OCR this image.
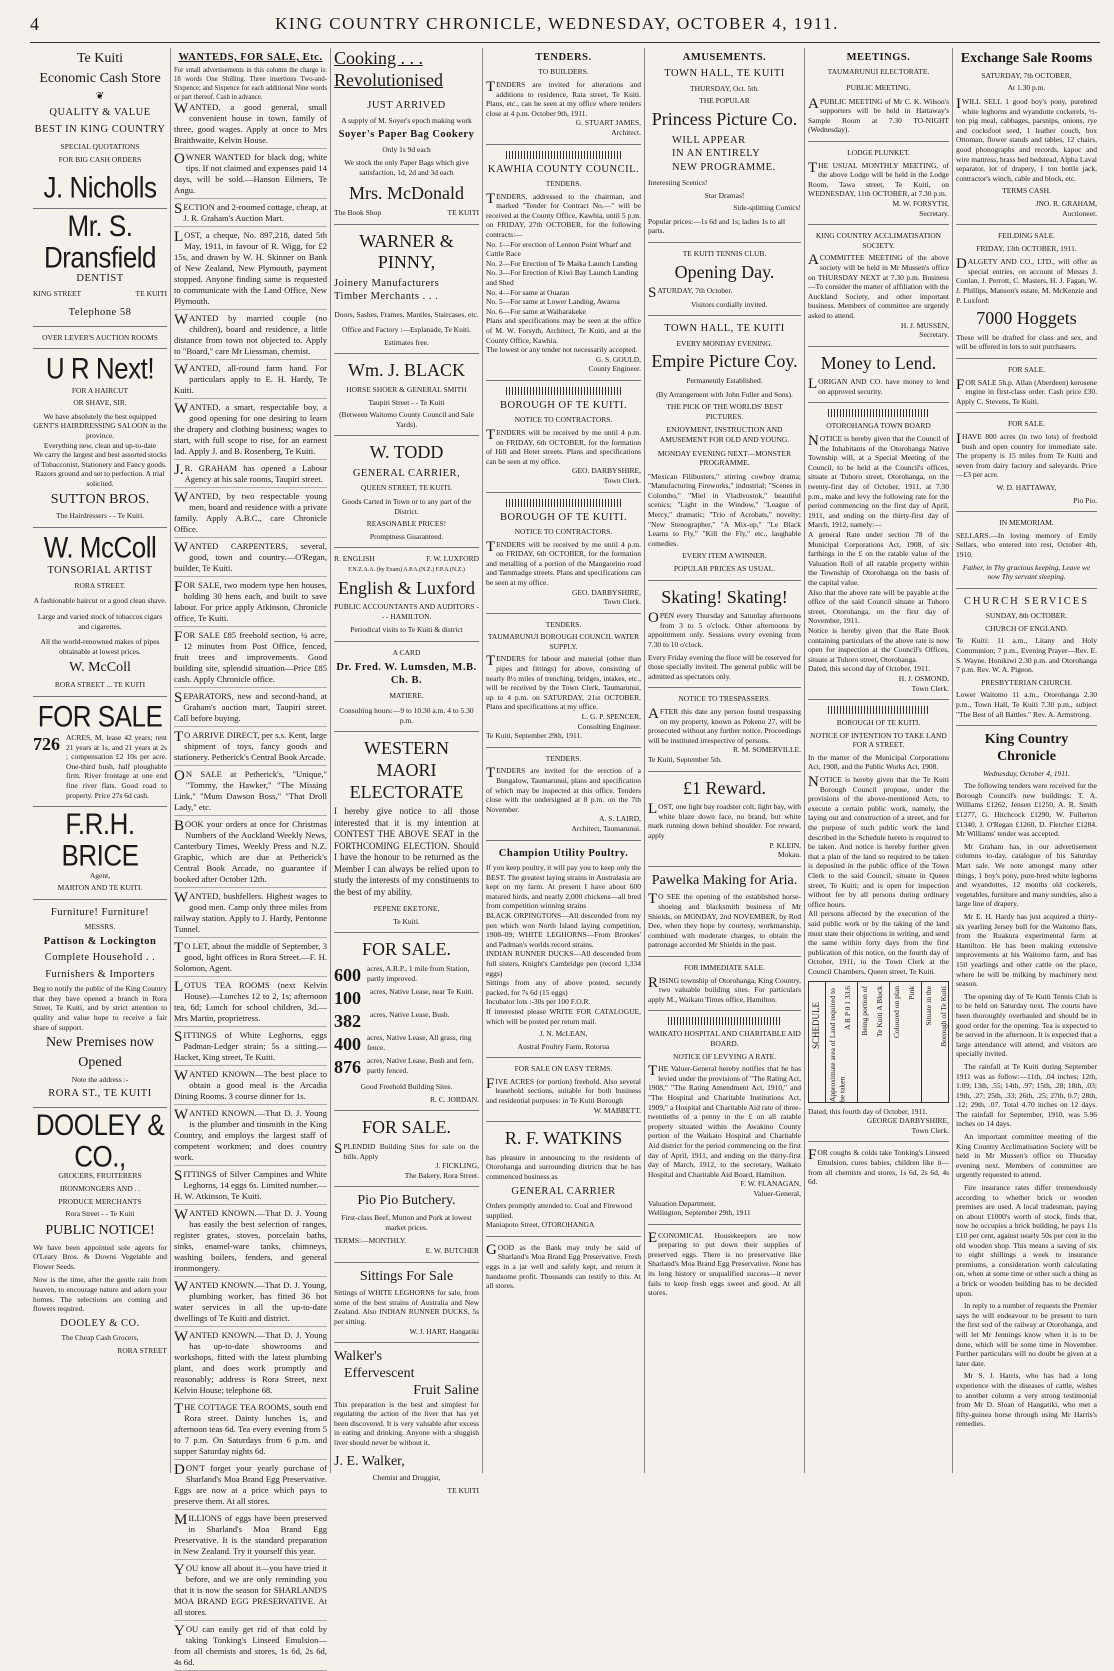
4	KING COUNTRY CHRONICLE, WEDNESDAY, OCTOBER 4, 1911.
Te Kuiti
Economic Cash Store
❦
QUALITY & VALUE
BEST IN KING COUNTRY
SPECIAL QUOTATIONS
FOR BIG CASH ORDERS
J. Nicholls
Mr. S. Dransfield
DENTIST
KING STREET	TE KUITI
Telephone 58
OVER LEVER'S AUCTION ROOMS
U R Next!
FOR A HAIRCUT
OR SHAVE, SIR.
We have absolutely the best equipped
GENT'S HAIRDRESSING SALOON in the province.
Everything new, clean and up-to-date
We carry the largest and best assorted stocks of Tobacconist, Stationery and Fancy goods.
Razors ground and set to perfection. A trial solicited.
SUTTON BROS.
The Hairdressers - - Te Kuiti.
W. McColl
TONSORIAL ARTIST
RORA STREET.
A fashionable haircut or a good clean shave.
Large and varied stock of tobaccos cigars and cigarettes.
All the world-renowned makes of pipes obtainable at lowest prices.
W. McColl
RORA STREET ... TE KUITI
FOR SALE
726 ACRES, M. lease 42 years; rent 21 years at 1s, and 21 years at 2s ; compensation £2 10s per acre. One-third bush, half ploughable firm. River frontage at one end fine river flats. Good road to property. Price 27s 6d cash.
F.R.H. BRICE
Agent,
MARTON AND TE KUITI.
Furniture! Furniture!
MESSRS.
Pattison & Lockington
Complete Household . .
Furnishers & Importers
Beg to notify the public of the King Country that they have opened a branch in Rora Street, Te Kuiti, and by strict attention to quality and value hope to receive a fair share of support.
New Premises now
Opened
Note the address :-
RORA ST., TE KUITI
DOOLEY & CO.,
GROCERS, FRUITERERS
IRONMONGERS AND . .
PRODUCE MERCHANTS
Rora Street - - Te Kuiti
PUBLIC NOTICE!
We have been appointed sole agents for O'Leary Bros. & Downs Vegetable and Flower Seeds.
Now is the time, after the gentle rain from heaven, to encourage nature and adorn your homes. The selections are coming and flowers required.
DOOLEY & CO.
The Cheap Cash Grocers,
RORA STREET
WANTEDS, FOR SALE, Etc.
For small advertisements in this column the charge is: 18 words One Shilling. Three insertions Two-and-Sixpence; and Sixpence for each additional Nine words or part thereof. Cash in advance.
WANTED, a good general, small convenient house in town, family of three, good wages. Apply at once to Mrs Braithwaite, Kelvin House.
OWNER WANTED for black dog, white tips. If not claimed and expenses paid 14 days, will be sold.—Hanson Eilmers, Te Angu.
SECTION and 2-roomed cottage, cheap, at J. R. Graham's Auction Mart.
LOST, a cheque, No. 897,218, dated 5th May, 1911, in favour of R. Wigg, for £2 15s, and drawn by W. H. Skinner on Bank of New Zealand, New Plymouth, payment stopped. Anyone finding same is requested to communicate with the Land Office, New Plymouth.
WANTED by married couple (no children), board and residence, a little distance from town not objected to. Apply to "Board," care Mr Liessman, chemist.
WANTED, all-round farm hand. For particulars apply to E. H. Hardy, Te Kuiti.
WANTED, a smart, respectable boy, a good opening for one desiring to learn the drapery and clothing business; wages to start, with full scope to rise, for an earnest lad. Apply J. and B. Rosenberg, Te Kuiti.
J.R. GRAHAM has opened a Labour Agency at his sale rooms, Taupiri street.
WANTED, by two respectable young men, board and residence with a private family. Apply A.B.C., care Chronicle Office.
WANTED CARPENTERS, several, good, town and country.—O'Regan, builder, Te Kuiti.
FOR SALE, two modern type hen houses, holding 30 hens each, and built to save labour. For price apply Atkinson, Chronicle office, Te Kuiti.
FOR SALE £85 freehold section, ¼ acre, 12 minutes from Post Office, fenced, fruit trees and improvements. Good building site, splendid situation—Price £85 cash. Apply Chronicle office.
SEPARATORS, new and second-hand, at Graham's auction mart, Taupiri street. Call before buying.
TO ARRIVE DIRECT, per s.s. Kent, large shipment of toys, fancy goods and stationery. Petherick's Central Book Arcade.
ON SALE at Petherick's, "Unique," "Tommy, the Hawker," "The Missing Link," "Mum Dawson Boss," "That Droll Lady," etc.
BOOK your orders at once for Christmas Numbers of the Auckland Weekly News, Canterbury Times, Weekly Press and N.Z. Graphic, which are due at Petherick's Central Book Arcade, no guarantee if booked after October 12th.
WANTED, bushfellers. Highest wages to good men. Camp only three miles from railway station. Apply to J. Hardy, Pentonne Tunnel.
TO LET, about the middle of September, 3 good, light offices in Rora Street.—F. H. Solomon, Agent.
LOTUS TEA ROOMS (next Kelvin House).—Lunches 12 to 2, 1s; afternoon tea, 6d; Lunch for school children, 3d.—Mrs Martin, proprietress.
SITTINGS of White Leghorns, eggs Padman-Ledger strain; 5s a sitting.—Hacket, King street, Te Kuiti.
WANTED KNOWN—The best place to obtain a good meal is the Arcadia Dining Rooms. 3 course dinner for 1s.
WANTED KNOWN.—That D. J. Young is the plumber and tinsmith in the King Country, and employs the largest staff of competent workmen; and does country work.
SITTINGS of Silver Campines and White Leghorns, 14 eggs 6s. Limited number.—H. W. Atkinson, Te Kuiti.
WANTED KNOWN.—That D. J. Young has easily the best selection of ranges, register grates, stoves, porcelain baths, sinks, enamel-ware tanks, chimneys, washing boilers, fenders, and general ironmongery.
WANTED KNOWN.—That D. J. Young, plumbing worker, has fitted 36 hot water services in all the up-to-date dwellings of Te Kuiti and district.
WANTED KNOWN.—That D. J. Young has up-to-date showrooms and workshops, fitted with the latest plumbing plant, and does work promptly and reasonably; address is Rora Street, next Kelvin House; telephone 68.
THE COTTAGE TEA ROOMS, south end Rora street. Dainty lunches 1s, and afternoon teas 6d. Tea every evening from 5 to 7 p.m. On Saturdays from 6 p.m. and supper Saturday nights 6d.
DON'T forget your yearly purchase of Sharland's Moa Brand Egg Preservative. Eggs are now at a price which pays to preserve them. At all stores.
MILLIONS of eggs have been preserved in Sharland's Moa Brand Egg Preservative. It is the standard preparation in New Zealand. Try it yourself this year.
YOU know all about it—you have tried it before, and we are only reminding you that it is now the season for SHARLAND'S MOA BRAND EGG PRESERVATIVE. At all stores.
YOU can easily get rid of that cold by taking Tonking's Linseed Emulsion—from all chemists and stores, 1s 6d, 2s 6d, 4s 6d.
Cooking . . .
Revolutionised
JUST ARRIVED
A supply of M. Soyer's epoch making work
Soyer's Paper Bag Cookery
Only 1s 9d each
We stock the only Paper Bags which give satisfaction, 1d, 2d and 3d each
Mrs. McDonald
The Book Shop	TE KUITI
WARNER & PINNY,
Joinery Manufacturers
Timber Merchants . . .
Doors, Sashes, Frames, Mantles, Staircases, etc.
Office and Factory :—Esplanade, Te Kuiti.
Estimates free.
Wm. J. BLACK
HORSE SHOER & GENERAL SMITH
Taupiri Street - - Te Kuiti
(Between Waitomo County Council and Sale Yards).
W. TODD
GENERAL CARRIER,
QUEEN STREET, TE KUITI.
Goods Carted in Town or to any part of the District.
REASONABLE PRICES!
Promptness Guaranteed.
R. ENGLISH	F. W. LUXFORD
F.N.Z.A.A. (by Exam) A.P.A.(N.Z.) F.P.A.(N.Z.)
English & Luxford
PUBLIC ACCOUNTANTS AND AUDITORS - - - HAMILTON.
Periodical visits to Te Kuiti & district
A CARD
Dr. Fred. W. Lumsden, M.B. Ch. B.
MATIERE.
Consulting hours:—9 to 10.30 a.m. 4 to 5.30 p.m.
WESTERN MAORI ELECTORATE
I hereby give notice to all those interested that it is my intention at CONTEST THE ABOVE SEAT in the FORTHCOMING ELECTION. Should I have the honour to be returned as the Member I can always be relied upon to study the interests of my constituents to the best of my ability.
PEPENE EKETONE,
Te Kuiti.
FOR SALE.
600 acres, A.R.P., 1 mile from Station, partly improved.
100	acres, Native Lease, near Te Kuiti.
382	acres, Native Lease, Bush.
400 acres, Native Lease, All grass, ring fence.
876 acres, Native Lease, Bush and fern, partly fenced.
Good Freehold Building Sites.
R. C. JORDAN.
FOR SALE.
SPLENDID Building Sites for sale on the hills. Apply
J. FICKLING,
The Bakery, Rora Street.
Pio Pio Butchery.
First-class Beef, Mutton and Pork at lowest market prices.
TERMS:—MONTHLY.
E. W. BUTCHER
Sittings For Sale
Sittings of WHITE LEGHORNS for sale, from some of the best strains of Australia and New Zealand. Also INDIAN RUNNER DUCKS, 5s per sitting.
W. J. HART, Hangatiki
Walker's
Effervescent
Fruit Saline
This preparation is the best and simplest for regulating the action of the liver that has yet been discovered. It is very valuable after excess in eating and drinking. Anyone with a sluggish liver should never be without it.
J. E. Walker,
Chemist and Druggist,
TE KUITI
TENDERS.
TO BUILDERS.
TENDERS are invited for alterations and additions to residence, Rata street, Te Kuiti. Plans, etc., can be seen at my office where tenders close at 4 p.m. October 9th, 1911.
G. STUART JAMES,
Architect.
KAWHIA COUNTY COUNCIL.
TENDERS.
TENDERS, addressed to the chairman, and marked "Tender for Contract No.—" will be received at the County Office, Kawhia, until 5 p.m. on FRIDAY, 27th OCTOBER, for the following contracts:—
No. 1—For erection of Lennon Point Wharf and Cattle Race
No. 2—For Erection of Te Maika Launch Landing
No. 3—For Erection of Kiwi Bay Launch Landing and Shed
No. 4—For same at Ouarau
No. 5—For same at Lower Landing, Awaroa
No. 6—For same at Waiharakeke
Plans and specifications may be seen at the office of M. W. Forsyth, Architect, Te Kuiti, and at the County Office, Kawhia.
The lowest or any tender not necessarily accepted.
G. S. GOULD,
County Engineer.
BOROUGH OF TE KUITI.
NOTICE TO CONTRACTORS.
TENDERS will be received by me until 4 p.m. on FRIDAY, 6th OCTOBER, for the formation of Hill and Hetet streets. Plans and specifications can be seen at my office.
GEO. DARBYSHIRE,
Town Clerk.
BOROUGH OF TE KUITI.
NOTICE TO CONTRACTORS.
TENDERS will be received by me until 4 p.m. on FRIDAY, 6th OCTOBER, for the formation and metalling of a portion of the Mangaorino road and Tammadge streets. Plans and specifications can be seen at my office.
GEO. DARBYSHIRE,
Town Clerk.
TENDERS.
TAUMARUNUI BOROUGH COUNCIL WATER SUPPLY.
TENDERS for labour and material (other than pipes and fittings) for above, consisting of nearly 8½ miles of trenching, bridges, intakes, etc., will be received by the Town Clerk, Taumarunui, up to 4 p.m. on SATURDAY, 21st OCTOBER. Plans and specifications at my office.
L. G. P. SPENCER,
Consulting Engineer.
Te Kuiti, September 29th, 1911.
TENDERS.
TENDERS are invited for the erection of a Bungalow, Taumarunui, plans and specification of which may be inspected at this office. Tenders close with the undersigned at 8 p.m. on the 7th November.
A. S. LAIRD,
Architect, Taumarunui.
Champion Utility Poultry.
If you keep poultry, it will pay you to keep only the BEST. The greatest laying strains in Australasia are kept on my farm. At present I have about 600 matured birds, and nearly 2,000 chickens—all bred from competition winning strains
BLACK ORPINGTONS—All descended from my pen which won North Island laying competition, 1908–09; WHITE LEGHORNS—From Brookes' and Padman's worlds record strains.
INDIAN RUNNER DUCKS—All descended from full sisters, Knight's Cambridge pen (record 1,334 eggs)
Sittings from any of above posted, securely packed, for 7s 6d (15 eggs)
Incubator lots :-30s per 100 F.O.R.
If interested please WRITE FOR CATALOGUE, which will be posted per return mail.
J. N. McLEAN,
Austral Poultry Farm, Rotorua
FOR SALE ON EASY TERMS.
FIVE ACRES (or portion) freehold. Also several leasehold sections, suitable for both business and residential purposes: in Te Kuiti Borough
W. MABBETT.
R. F. WATKINS
has pleasure in announcing to the residents of Otorohanga and surrounding districts that he has commenced business as
GENERAL CARRIER
Orders promptly attended to. Coal and Firewood supplied.
Maniapoto Street, OTOROHANGA
GOOD as the Bank may truly be said of Sharland's Moa Brand Egg Preservative. Fresh eggs in a jar well and safely kept, and return it handsome profit. Thousands can testify to this. At all stores.
AMUSEMENTS.
TOWN HALL, TE KUITI
THURSDAY, Oct. 5th.
THE POPULAR
Princess Picture Co.
WILL APPEAR
IN AN ENTIRELY
NEW PROGRAMME.
Interesting Scenics!
Star Dramas!
Side-splitting Comics!
Popular prices:—1s 6d and 1s; ladies 1s to all parts.
TE KUITI TENNIS CLUB.
Opening Day.
SATURDAY, 7th October.
Visitors cordially invited.
TOWN HALL, TE KUITI
EVERY MONDAY EVENING.
Empire Picture Coy.
Permanently Established.
(By Arrangement with John Fuller and Sons).
THE PICK OF THE WORLDS' BEST PICTURES.
ENJOYMENT, INSTRUCTION AND AMUSEMENT FOR OLD AND YOUNG.
MONDAY EVENING NEXT—MONSTER PROGRAMME.
"Mexican Filibusters," stirring cowboy drama; "Manufacturing Fireworks," industrial; "Scenes in Colombo," "Miel in Vladivostok," beautiful scenics; "Light in the Window," "League of Mercy," dramatic; "Trio of Acrobats," novelty; "New Stenographer," "A Mix-up," "Le Black Learns to Fly," "Kill the Fly," etc., laughable comedies.
EVERY ITEM A WINNER.
POPULAR PRICES AS USUAL.
Skating! Skating!
OPEN every Thursday and Saturday afternoons from 3 to 5 o'clock. Other afternoons by appointment only. Sessions every evening from 7.30 to 10 o'clock.
Every Friday evening the floor will be reserved for those specially invited. The general public will be admitted as spectators only.
NOTICE TO TRESPASSERS.
AFTER this date any person found trespassing on my property, known as Pokeno 27, will be prosecuted without any further notice. Proceedings will be instituted irrespective of persons.
R. M. SOMERVILLE.
Te Kuiti, September 5th.
£1 Reward.
LOST, one light bay roadster colt, light bay, with white blaze down face, no brand, but white mark running down behind shoulder. For reward, apply
P. KLEIN,
Mokau.
Pawelka Making for Aria.
TO SEE the opening of the established horse-shoeing and blacksmith business of Mr Shields, on MONDAY, 2nd NOVEMBER, by Red Dee, when they hope by courtesy, workmanship, combined with moderate charges, to obtain the patronage accorded Mr Shields in the past.
FOR IMMEDIATE SALE.
RISING township of Otorohanga, King Country, two valuable building sites. For particulars apply M., Waikato Times office, Hamilton.
WAIKATO HOSPITAL AND CHARITABLE AID BOARD.
NOTICE OF LEVYING A RATE.
THE Valuer-General hereby notifies that he has levied under the provisions of "The Rating Act, 1908," "The Rating Amendment Act, 1910," and "The Hospital and Charitable Institutions Act, 1909," a Hospital and Charitable Aid rate of three-twentieths of a penny in the £ on all ratable property situated within the Awakino County portion of the Waikato Hospital and Charitable Aid district for the period commencing on the first day of April, 1911, and ending on the thirty-first day of March, 1912, to the secretary, Waikato Hospital and Charitable Aid Board, Hamilton.
F. W. FLANAGAN,
Valuer-General,
Valuation Department,
Wellington, September 29th, 1911
ECONOMICAL Housekeepers are now preparing to put down their supplies of preserved eggs. There is no preservative like Sharland's Moa Brand Egg Preservative. None has its long history or unqualified success—it never fails to keep fresh eggs sweet and good. At all stores.
MEETINGS.
TAUMARUNUI ELECTORATE.
PUBLIC MEETING.
APUBLIC MEETING of Mr C. K. Wilson's supporters will be held in Hattaway's Sample Room at 7.30 TO-NIGHT (Wednesday).
LODGE PLUNKET.
THE USUAL MONTHLY MEETING, of the above Lodge will be held in the Lodge Room, Tawa street, Te Kuiti, on WEDNESDAY, 11th OCTOBER, at 7.30 p.m.
M. W. FORSYTH,
Secretary.
KING COUNTRY ACCLIMATISATION SOCIETY.
ACOMMITTEE MEETING of the above society will be held in Mr Mussen's office on THURSDAY NEXT at 7.30 p.m. Business—To consider the matter of affiliation with the Auckland Society, and other important business. Members of committee are urgently asked to attend.
H. J. MUSSEN,
Secretary.
Money to Lend.
LORIGAN AND CO. have money to lend on approved security.
OTOROHANGA TOWN BOARD
NOTICE is hereby given that the Council of the Inhabitants of the Otorohanga Native Township will, at a Special Meeting of the Council, to be held at the Council's offices, situate at Tuhoro street, Otorohanga, on the twenty-first day of October, 1911, at 7.30 p.m., make and levy the following rate for the period commencing on the first day of April, 1911, and ending on the thirty-first day of March, 1912, namely:—
A general Rate under section 78 of the Municipal Corporations Act, 1908, of six farthings in the £ on the ratable value of the Valuation Roll of all ratable property within the Township of Otorohanga on the basis of the capital value.
Also that the above rate will be payable at the office of the said Council situate at Tuhoro street, Otorohanga, on the first day of November, 1911.
Notice is hereby given that the Rate Book containing particulars of the above rate is now open for inspection at the Council's Offices, situate at Tuhoro street, Otorohanga.
Dated, this second day of October, 1911.
H. J. OSMOND,
Town Clerk.
BOROUGH OF TE KUITI.
NOTICE OF INTENTION TO TAKE LAND FOR A STREET.
In the matter of the Municipal Corporations Act, 1908, and the Public Works Act, 1908.
NOTICE is hereby given that the Te Kuiti Borough Council propose, under the provisions of the above-mentioned Acts, to execute a certain public work, namely, the laying out and construction of a street, and for the purpose of such public work the land described in the Schedule hereto is required to be taken. And notice is hereby further given that a plan of the land so required to be taken is deposited in the public office of the Town Clerk to the said Council, situate in Queen street, Te Kuiti; and is open for inspection without fee by all persons during ordinary office hours.
All persons affected by the execution of the said public work or by the taking of the land must state their objections in writing, and send the same within forty days from the first publication of this notice, on the fourth day of October, 1911, to the Town Clerk at the Council Chambers, Queen street, Te Kuiti.
SCHEDULE Approximate area of Land required to be taken
A R P 0 1 33.6 Being portion of Te Kuiti A Block Coloured on plan Pink Situate in the Borough of Te Kuiti
Dated, this fourth day of October, 1911.
GEORGE DARBYSHIRE,
Town Clerk.
FOR coughs & colds take Tonking's Linseed Emulsion, cures babies, children like it—from all chemists and stores, 1s 6d, 2s 6d, 4s 6d.
Exchange Sale Rooms
SATURDAY, 7th OCTOBER,
At 1.30 p.m.
IWILL SELL 1 good boy's pony, purebred white leghorns and wyandotte cockerels, ½-ton pig meal, cabbages, parsnips, onions, rye and cocksfoot seed, 1 leather couch, box Ottoman, flower stands and tables, 12 chairs, good phonographs and records, kapoc and wire mattress, brass bed bedstead, Alpha Laval separator, lot of drapery, 1 ton bottle jack, contractor's winch, cable and block, etc.
TERMS CASH.
JNO. R. GRAHAM,
Auctioneer.
FEILDING SALE.
FRIDAY, 13th OCTOBER, 1911.
DALGETY AND CO., LTD., will offer as special entries, on account of Messrs J. Conlan, J. Perrott, C. Masters, H. J. Fagan, W. J. Phillips, Manson's estate, M. McKenzie and P. Luxford:
7000 Hoggets
These will be drafted for class and sex, and will be offered in lots to suit purchasers.
FOR SALE.
FOR SALE 5h.p. Allan (Aberdeen) kerosene engine in first-class order. Cash price £30. Apply C. Stevens, Te Kuiti.
FOR SALE.
IHAVE 800 acres (in two lots) of freehold bush and open country for immediate sale. The property is 15 miles from Te Kuiti and seven from dairy factory and saleyards. Price—£3 per acre.
W. D. HATTAWAY,
Pio Pio.
IN MEMORIAM.
SELLARS.—In loving memory of Emily Sellars, who entered into rest, October 4th, 1910.
Father, in Thy gracious keeping, Leave we now Thy servant sleeping.
CHURCH SERVICES
SUNDAY, 8th OCTOBER.
CHURCH OF ENGLAND.
Te Kuiti: 11 a.m., Litany and Holy Communion; 7 p.m., Evening Prayer—Rev. E. S. Wayne. Honikiwi 2.30 p.m. and Otorohanga 7 p.m. Rev. W. A. Pigeon.
PRESBYTERIAN CHURCH.
Lower Waitomo 11 a.m., Otorohanga 2.30 p.m., Town Hall, Te Kuiti 7.30 p.m., subject "The Best of all Battles." Rev. A. Armstrong.
King Country Chronicle
Wednesday, October 4, 1911.
The following tenders were received for the Borough Council's new buildings: T. A. Williams £1262, Jensen £1250, A. R. Smith £1277, G. Hitchcock £1290, W. Fullerton £1340, J. O'Regan £1260, D. Fletcher £1284. Mr Williams' tender was accepted.
Mr Graham has, in our advertisement columns to-day, catalogue of his Saturday Mart sale. We note amongst many other things, 1 boy's pony, pure-bred white leghorns and wyandottes, 12 months old cockerels, vegetables, furniture and many sundries, also a large line of drapery.
Mr E. H. Hardy has just acquired a thirty-six yearling Jersey bull for the Waitomo flats, from the Ruakura experimental farm at Hamilton. He has been making extensive improvements at his Waitomo farm, and has 150 yearlings and other cattle on the place, where he will be milking by machinery next season.
The opening day of Te Kuiti Tennis Club is to be held on Saturday next. The courts have been thoroughly overhauled and should be in good order for the opening. Tea is expected to be served in the afternoon. It is expected that a large attendance will attend, and visitors are specially invited.
The rainfall at Te Kuiti during September 1911 was as follow:—11th, .04 inches; 12th, 1.09; 13th, .55; 14th, .97; 15th, .28; 18th, .03; 19th, .27; 25th, .33; 26th, .25; 27th, 0.7; 28th, .12; 29th, .07. Total 4.70 inches on 12 days. The rainfall for September, 1910, was 5.96 inches on 14 days.
An important committee meeting of the King Country Acclimatisation Society will be held in Mr Mussen's office on Thursday evening next. Members of committee are urgently requested to attend.
Fire insurance rates differ tremendously according to whether brick or wooden premises are used. A local tradesman, paying on about £1000's worth of stock, finds that, now he occupies a brick building, he pays 11s £10 per cent, against nearly 50s per cent in the old wooden shop. This means a saving of six to eight shillings a week to insurance premiums, a consideration worth calculating on, when at some time or other such a thing as a brick or wooden building has to be decided upon.
In reply to a number of requests the Premier says he will endeavour to be present to turn the first sod of the railway at Otorohanga, and will let Mr Jennings know when it is to be done, which will be some time in November. Further particulars will no doubt be given at a later date.
Mr S. J. Harris, who has had a long experience with the diseases of cattle, wishes to another column a very strong testimonial from Mr D. Sloan of Hangatiki, who met a fifty-guinea horse through using Mr Harris's remedies.
